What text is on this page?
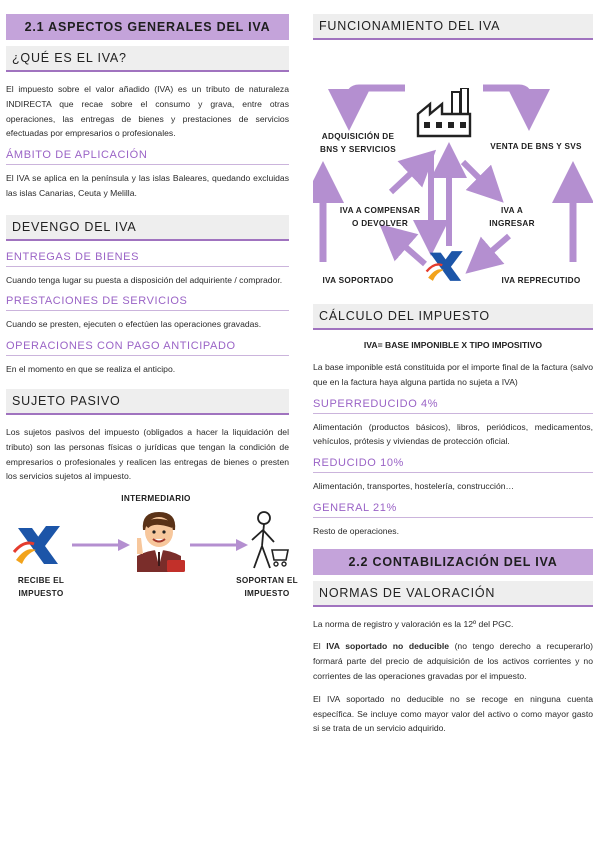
2.1 ASPECTOS GENERALES DEL IVA
¿QUÉ ES EL IVA?

El impuesto sobre el valor añadido (IVA) es un tributo de naturaleza INDIRECTA que recae sobre el consumo y grava, entre otras operaciones, las entregas de bienes y prestaciones de servicios efectuadas por empresarios o profesionales.

ÁMBITO DE APLICACIÓN

El IVA se aplica en la península y las islas Baleares, quedando excluidas las islas Canarias, Ceuta y Melilla.

DEVENGO DEL IVA
ENTREGAS DE BIENES

Cuando tenga lugar su puesta a disposición del adquiriente / comprador.

PRESTACIONES DE SERVICIOS

Cuando se presten, ejecuten o efectúen las operaciones gravadas.

OPERACIONES CON PAGO ANTICIPADO

En el momento en que se realiza el anticipo.

SUJETO PASIVO

Los sujetos pasivos del impuesto (obligados a hacer la liquidación del tributo) son las personas físicas o jurídicas que tengan la condición de empresarios o profesionales y realicen las entregas de bienes o presten los servicios sujetos al impuesto.

INTERMEDIARIO
RECIBE EL
IMPUESTO
SOPORTAN EL
IMPUESTO
FUNCIONAMIENTO DEL IVA
ADQUISICIÓN DE
BNS Y SERVICIOS	VENTA DE BNS Y SVS
IVA A COMPENSAR
O DEVOLVER
IVA A
INGRESAR
IVA SOPORTADO	IVA REPRECUTIDO
CÁLCULO DEL IMPUESTO
IVA= BASE IMPONIBLE X TIPO IMPOSITIVO

La base imponible está constituida por el importe final de la factura (salvo que en la factura haya alguna partida no sujeta a IVA)

SUPERREDUCIDO 4%

Alimentación (productos básicos), libros, periódicos, medicamentos, vehículos, prótesis y viviendas de protección oficial.

REDUCIDO 10%

Alimentación, transportes, hostelería, construcción…

GENERAL 21%

Resto de operaciones.

2.2 CONTABILIZACIÓN DEL IVA
NORMAS DE VALORACIÓN

La norma de registro y valoración es la 12º del PGC.

El IVA soportado no deducible (no tengo derecho a recuperarlo) formará parte del precio de adquisición de los activos corrientes y no corrientes de las operaciones gravadas por el impuesto.

El IVA soportado no deducible no se recoge en ninguna cuenta específica. Se incluye como mayor valor del activo o como mayor gasto si se trata de un servicio adquirido.
